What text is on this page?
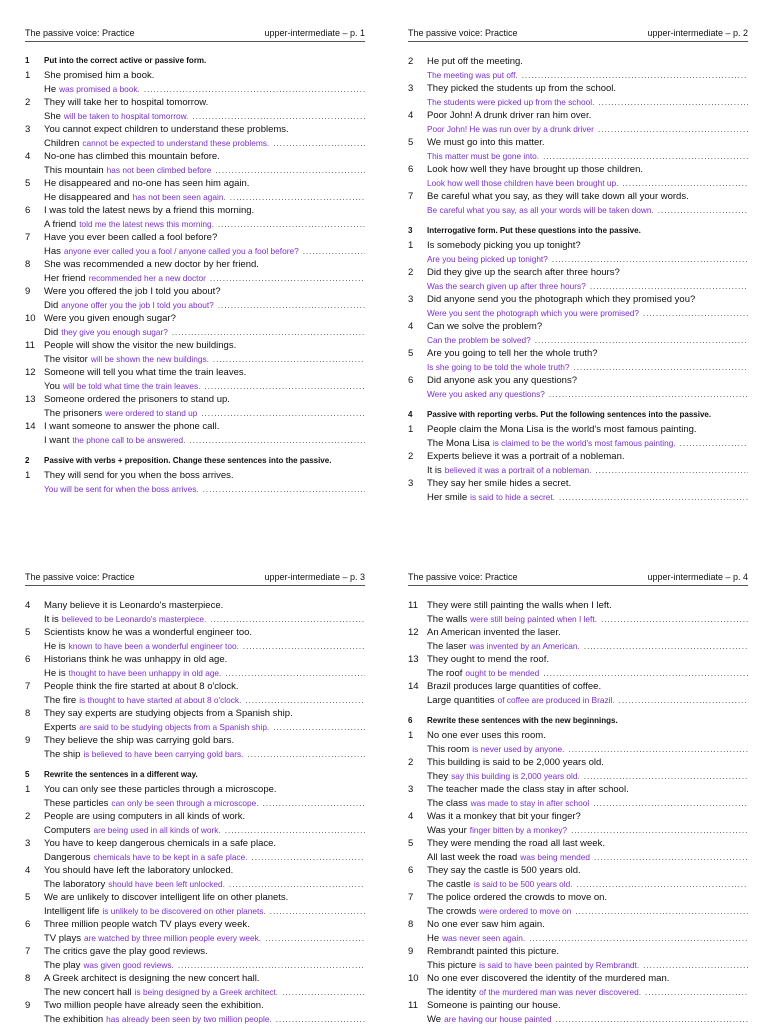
The passive voice: Practice	upper-intermediate – p. 1
1	Put into the correct active or passive form.
1	She promised him a book.
He was promised a book.
.....
2	They will take her to hospital tomorrow.
She will be taken to hospital tomorrow.
.....
3	You cannot expect children to understand these problems.
Children cannot be expected to understand these problems.
.....
4	No-one has climbed this mountain before.
This mountain has not been climbed before
.....
5	He disappeared and no-one has seen him again.
He disappeared and has not been seen again.
.....
6	I was told the latest news by a friend this morning.
A friend told me the latest news this morning.
.....
7	Have you ever been called a fool before?
Has anyone ever called you a fool / anyone called you a fool before?
.....
8	She was recommended a new doctor by her friend.
Her friend recommended her a new doctor
.....
9	Were you offered the job I told you about?
Did anyone offer you the job I told you about?
.....
10 Were you given enough sugar?
Did they give you enough sugar?
.....
11 People will show the visitor the new buildings.
The visitor will be shown the new buildings.
.....
12 Someone will tell you what time the train leaves.
You will be told what time the train leaves.
.....
13 Someone ordered the prisoners to stand up.
The prisoners were ordered to stand up
.....
14 I want someone to answer the phone call.
I want the phone call to be answered.
.....
2	Passive with verbs + preposition. Change these sentences into the passive.
1	They will send for you when the boss arrives.
You will be sent for when the boss arrives.
.....
The passive voice: Practice	upper-intermediate – p. 2
2	He put off the meeting.
The meeting was put off.
.....
3	They picked the students up from the school.
The students were picked up from the school.
.....
4	Poor John! A drunk driver ran him over.
Poor John! He was run over by a drunk driver
.....
5	We must go into this matter.
This matter must be gone into.
.....
6	Look how well they have brought up those children.
Look how well those children have been brought up.
.....
7	Be careful what you say, as they will take down all your words.
Be careful what you say, as all your words will be taken down.
.....
3	Interrogative form. Put these questions into the passive.
1	Is somebody picking you up tonight?
Are you being picked up tonight?
.....
2	Did they give up the search after three hours?
Was the search given up after three hours?
.....
3	Did anyone send you the photograph which they promised you?
Were you sent the photograph which you were promised?
.....
4	Can we solve the problem?
Can the problem be solved?
.....
5	Are you going to tell her the whole truth?
Is she going to be told the whole truth?
.....
6	Did anyone ask you any questions?
Were you asked any questions?
.....
4	Passive with reporting verbs. Put the following sentences into the passive.
1	People claim the Mona Lisa is the world's most famous painting.
The Mona Lisa is claimed to be the world's most famous painting.
.....
2	Experts believe it was a portrait of a nobleman.
It is believed it was a portrait of a nobleman.
.....
3	They say her smile hides a secret.
Her smile is said to hide a secret.
.....
The passive voice: Practice	upper-intermediate – p. 3
4	Many believe it is Leonardo's masterpiece.
It is believed to be Leonardo's masterpiece.
.....
5	Scientists know he was a wonderful engineer too.
He is known to have been a wonderful engineer too.
.....
6	Historians think he was unhappy in old age.
He is thought to have been unhappy in old age.
.....
7	People think the fire started at about 8 o'clock.
The fire is thought to have started at about 8 o'clock.
.....
8	They say experts are studying objects from a Spanish ship.
Experts are said to be studying objects from a Spanish ship.
.....
9	They believe the ship was carrying gold bars.
The ship is believed to have been carrying gold bars.
.....
5	Rewrite the sentences in a different way.
1	You can only see these particles through a microscope.
These particles can only be seen through a microscope.
.....
2	People are using computers in all kinds of work.
Computers are being used in all kinds of work.
.....
3	You have to keep dangerous chemicals in a safe place.
Dangerous chemicals have to be kept in a safe place.
.....
4	You should have left the laboratory unlocked.
The laboratory should have been left unlocked.
.....
5	We are unlikely to discover intelligent life on other planets.
Intelligent life is unlikely to be discovered on other planets.
.....
6	Three million people watch TV plays every week.
TV plays are watched by three million people every week.
.....
7	The critics gave the play good reviews.
The play was given good reviews.
.....
8	A Greek architect is designing the new concert hall.
The new concert hall is being designed by a Greek architect.
.....
9	Two million people have already seen the exhibition.
The exhibition has already been seen by two million people.
.....
The passive voice: Practice	upper-intermediate – p. 4
11 They were still painting the walls when I left.
The walls were still being painted when I left.
.....
12 An American invented the laser.
The laser was invented by an American.
.....
13 They ought to mend the roof.
The roof ought to be mended
.....
14 Brazil produces large quantities of coffee.
Large quantities of coffee are produced in Brazil.
.....
6	Rewrite these sentences with the new beginnings.
1	No one ever uses this room.
This room is never used by anyone.
.....
2	This building is said to be 2,000 years old.
They say this building is 2,000 years old.
.....
3	The teacher made the class stay in after school.
The class was made to stay in after school
.....
4	Was it a monkey that bit your finger?
Was your finger bitten by a monkey?
.....
5	They were mending the road all last week.
All last week the road was being mended
.....
6	They say the castle is 500 years old.
The castle is said to be 500 years old.
.....
7	The police ordered the crowds to move on.
The crowds were ordered to move on
.....
8	No one ever saw him again.
He was never seen again.
.....
9	Rembrandt painted this picture.
This picture is said to have been painted by Rembrandt.
.....
10 No one ever discovered the identity of the murdered man.
The identity of the murdered man was never discovered.
.....
11 Someone is painting our house.
We are having our house painted
.....
